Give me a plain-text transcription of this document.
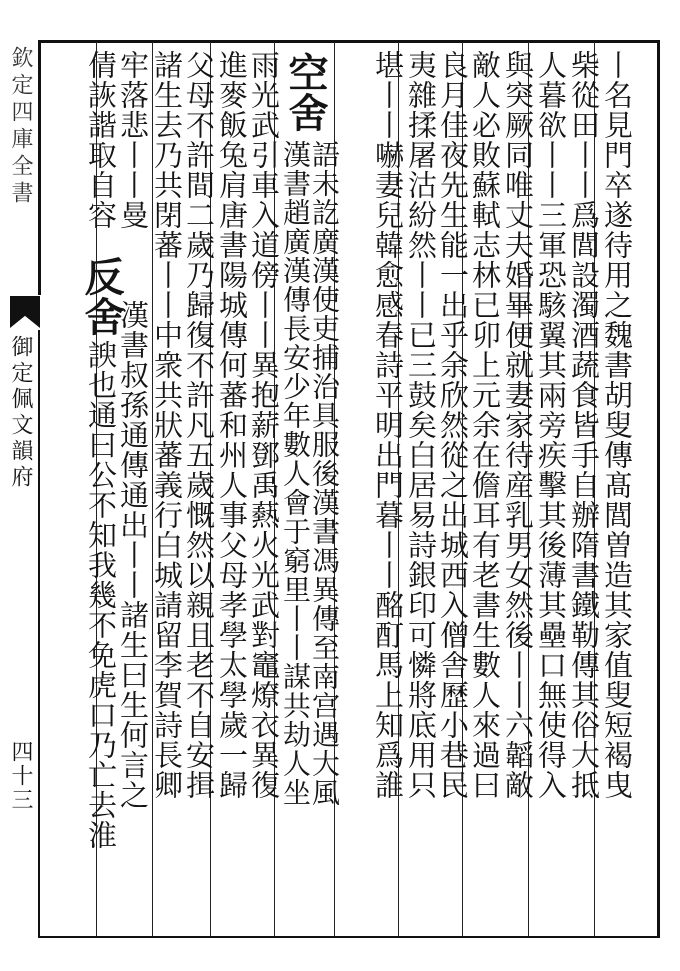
欽定四庫全書
御定佩文韻府
四十三	丨名見門卒遂待用之魏書胡叟傳髙閭曽造其家值叟短褐曳
柴從田丨丨爲閭設濁酒蔬食皆手自辦隋書鐵勒傳其俗大抵
人暮欲丨丨三軍恐駭翼其兩旁疾擊其後薄其壘口無使得入
與突厥同唯丈夫婚畢便就妻家待産乳男女然後丨丨六韜敵
敵人必敗蘇軾志林已卯上元余在儋耳有老書生數人來過曰
良月佳夜先生能一出乎余欣然從之出城西入僧舎歷小巷民
夷雜揉屠沽紛然丨丨已三鼓矣白居易詩銀印可憐將底用只
堪丨丨嚇妻兒韓愈感春詩平明出門暮丨丨酩酊馬上知爲誰
空舍
語未訖廣漢使吏捕治具服後漢書馮異傳至南宫遇大風
漢書趙廣漢傳長安少年數人會于窮里丨丨謀共劫人坐
雨光武引車入道傍丨丨異抱薪鄧禹爇火光武對竈燎衣異復
進麥飯兔肩唐書陽城傳何蕃和州人事父母孝學太學歲一歸
父母不許間二歲乃歸復不許凡五歲慨然以親且老不自安揖
諸生去乃共閉蕃丨丨中衆共狀蕃義行白城請留李賀詩長卿
牢落悲丨丨曼
反舍
漢書叔孫通傳通出丨丨諸生曰生何言之
倩詼諧取自容
諛也通曰公不知我幾不免虎口乃亡去淮
